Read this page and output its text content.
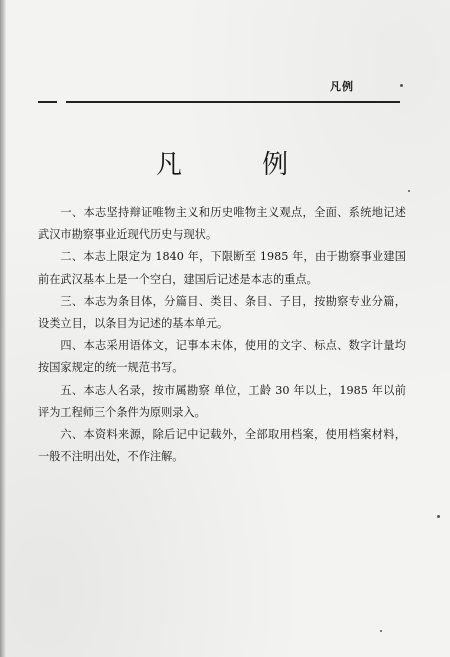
凡例
凡 例

一、本志坚持辩证唯物主义和历史唯物主义观点，全面、系统地记述武汉市勘察事业近现代历史与现状。

二、本志上限定为 1840 年，下限断至 1985 年，由于勘察事业建国前在武汉基本上是一个空白，建国后记述是本志的重点。

三、本志为条目体，分篇目、类目、条目、子目，按勘察专业分篇，设类立目，以条目为记述的基本单元。

四、本志采用语体文，记事本末体，使用的文字、标点、数字计量均按国家规定的统一规范书写。

五、本志人名录，按市属勘察 单位，工龄 30 年以上，1985 年以前评为工程师三个条件为原则录入。

六、本资料来源，除后记中记载外，全部取用档案，使用档案材料，一般不注明出处，不作注解。
